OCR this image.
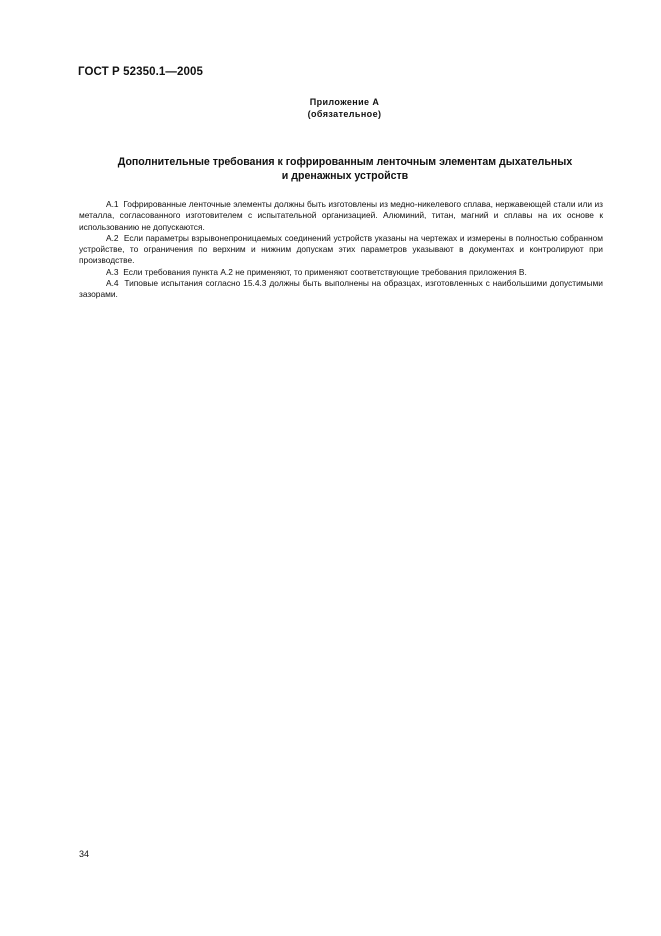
ГОСТ Р 52350.1—2005
Приложение А
(обязательное)
Дополнительные требования к гофрированным ленточным элементам дыхательных
и дренажных устройств

А.1 Гофрированные ленточные элементы должны быть изготовлены из медно-никелевого сплава, нержавеющей стали или из металла, согласованного изготовителем с испытательной организацией. Алюминий, титан, магний и сплавы на их основе к использованию не допускаются.

А.2 Если параметры взрывонепроницаемых соединений устройств указаны на чертежах и измерены в полностью собранном устройстве, то ограничения по верхним и нижним допускам этих параметров указывают в документах и контролируют при производстве.

А.3 Если требования пункта А.2 не применяют, то применяют соответствующие требования приложения В.

А.4 Типовые испытания согласно 15.4.3 должны быть выполнены на образцах, изготовленных с наибольшими допустимыми зазорами.

34
